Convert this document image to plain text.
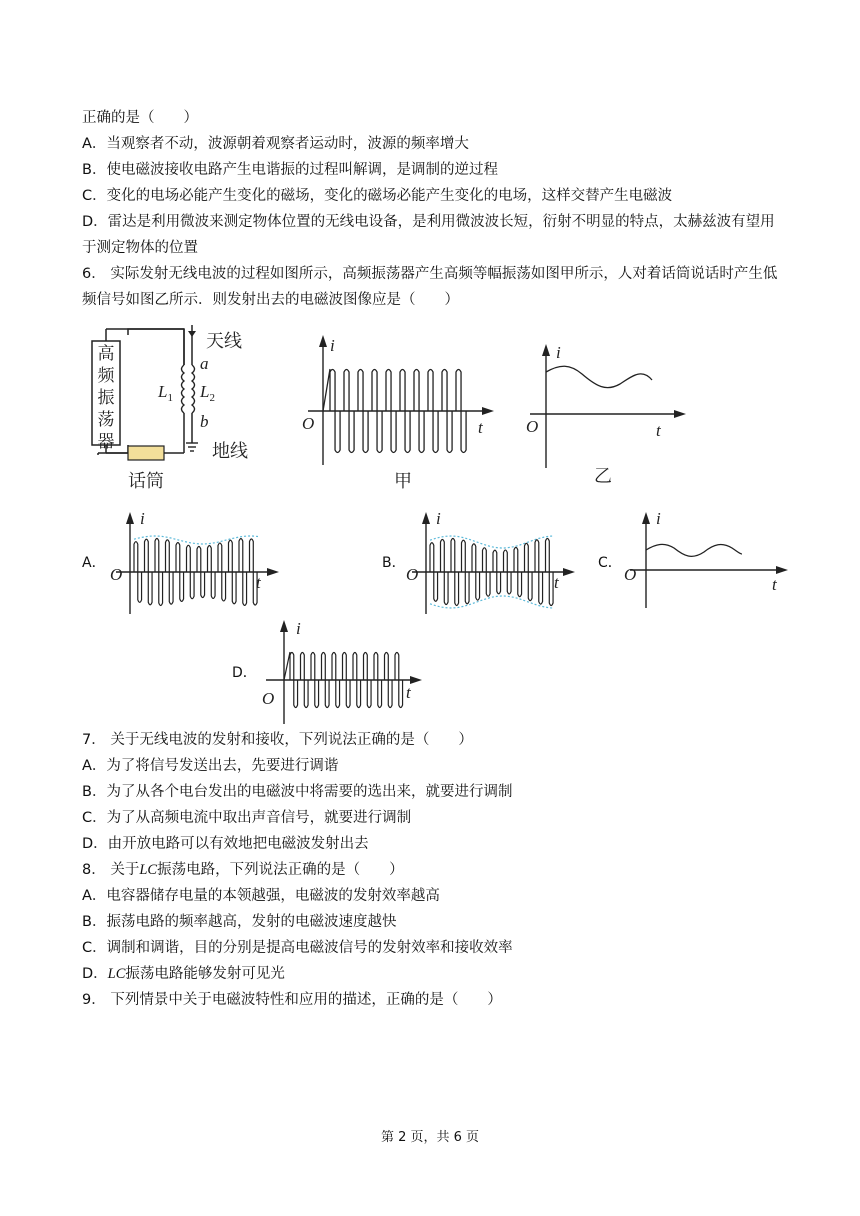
正确的是（　　）
A．当观察者不动，波源朝着观察者运动时，波源的频率增大
B．使电磁波接收电路产生电谐振的过程叫解调，是调制的逆过程
C．变化的电场必能产生变化的磁场，变化的磁场必能产生变化的电场，这样交替产生电磁波
D．雷达是利用微波来测定物体位置的无线电设备，是利用微波波长短，衍射不明显的特点，太赫兹波有望用
于测定物体的位置
6． 实际发射无线电波的过程如图所示，高频振荡器产生高频等幅振荡如图甲所示，人对着话筒说话时产生低
频信号如图乙所示．则发射出去的电磁波图像应是（　　）
高频振荡器
天线
地线
话筒
a
b
$L_1$ $L_2$
i
t
O
甲
i
t
O
乙
A．
i
t
O
B．
i
t
O
C．
i
t
O
D．
i
t
O
7． 关于无线电波的发射和接收，下列说法正确的是（　　）
A．为了将信号发送出去，先要进行调谐
B．为了从各个电台发出的电磁波中将需要的选出来，就要进行调制
C．为了从高频电流中取出声音信号，就要进行调制
D．由开放电路可以有效地把电磁波发射出去
8． 关于LC振荡电路，下列说法正确的是（　　）
A．电容器储存电量的本领越强，电磁波的发射效率越高
B．振荡电路的频率越高，发射的电磁波速度越快
C．调制和调谐，目的分别是提高电磁波信号的发射效率和接收效率
D．LC振荡电路能够发射可见光
9． 下列情景中关于电磁波特性和应用的描述，正确的是（　　）
第 2 页，共 6 页
